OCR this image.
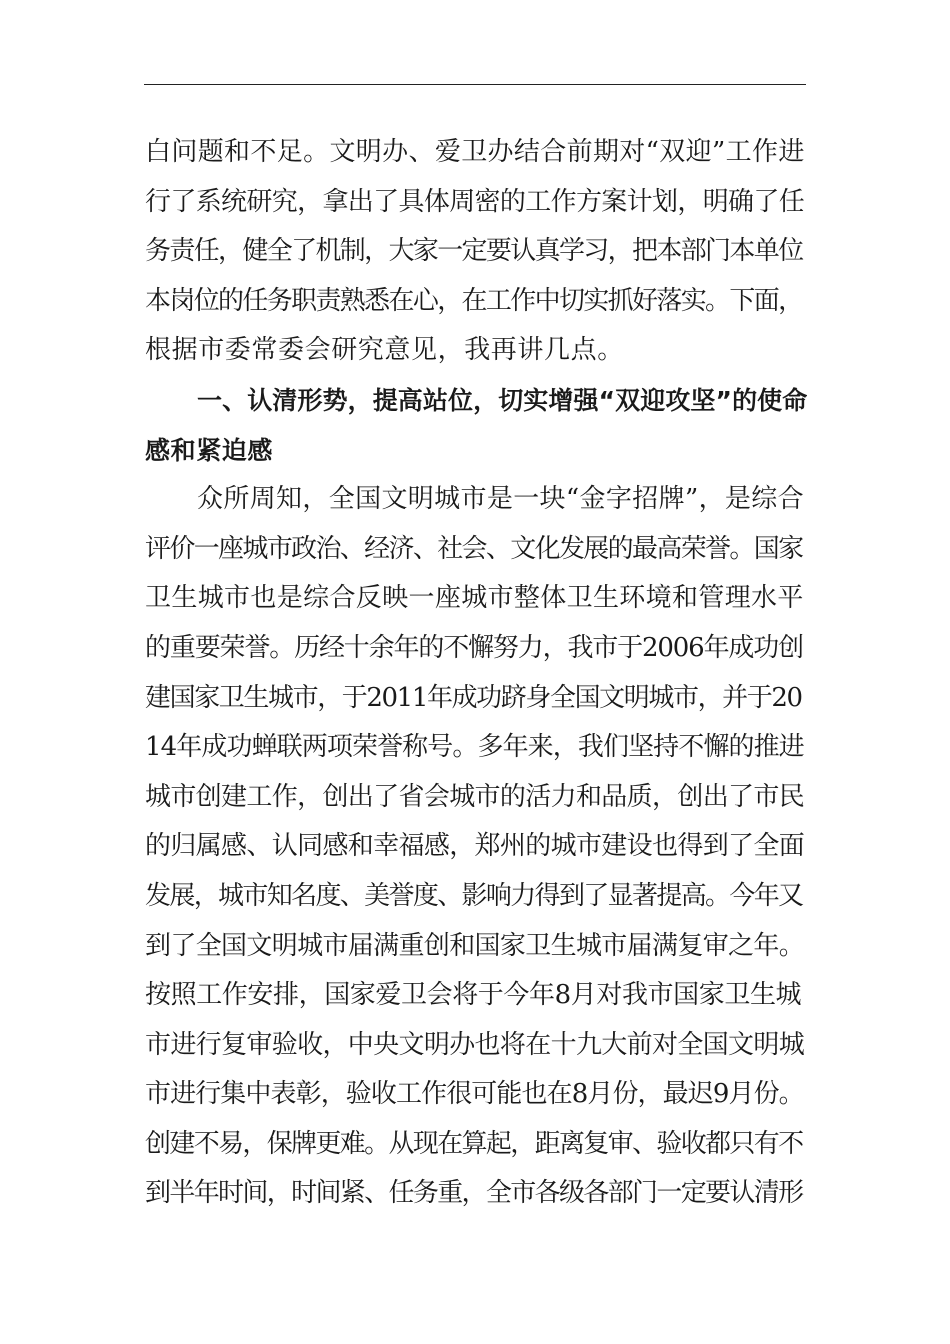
白问题和不足。文明办、爱卫办结合前期对“双迎”工作进
行了系统研究，拿出了具体周密的工作方案计划，明确了任
务责任，健全了机制，大家一定要认真学习，把本部门本单位
本岗位的任务职责熟悉在心，在工作中切实抓好落实。下面，
根据市委常委会研究意见，我再讲几点。
一、认清形势，提高站位，切实增强“双迎攻坚”的使命
感和紧迫感
众所周知，全国文明城市是一块“金字招牌”，是综合
评价一座城市政治、经济、社会、文化发展的最高荣誉。国家
卫生城市也是综合反映一座城市整体卫生环境和管理水平
的重要荣誉。历经十余年的不懈努力，我市于2006年成功创
建国家卫生城市，于2011年成功跻身全国文明城市，并于20
14年成功蝉联两项荣誉称号。多年来，我们坚持不懈的推进
城市创建工作，创出了省会城市的活力和品质，创出了市民
的归属感、认同感和幸福感，郑州的城市建设也得到了全面
发展，城市知名度、美誉度、影响力得到了显著提高。今年又
到了全国文明城市届满重创和国家卫生城市届满复审之年。
按照工作安排，国家爱卫会将于今年8月对我市国家卫生城
市进行复审验收，中央文明办也将在十九大前对全国文明城
市进行集中表彰，验收工作很可能也在8月份，最迟9月份。
创建不易，保牌更难。从现在算起，距离复审、验收都只有不
到半年时间，时间紧、任务重，全市各级各部门一定要认清形
